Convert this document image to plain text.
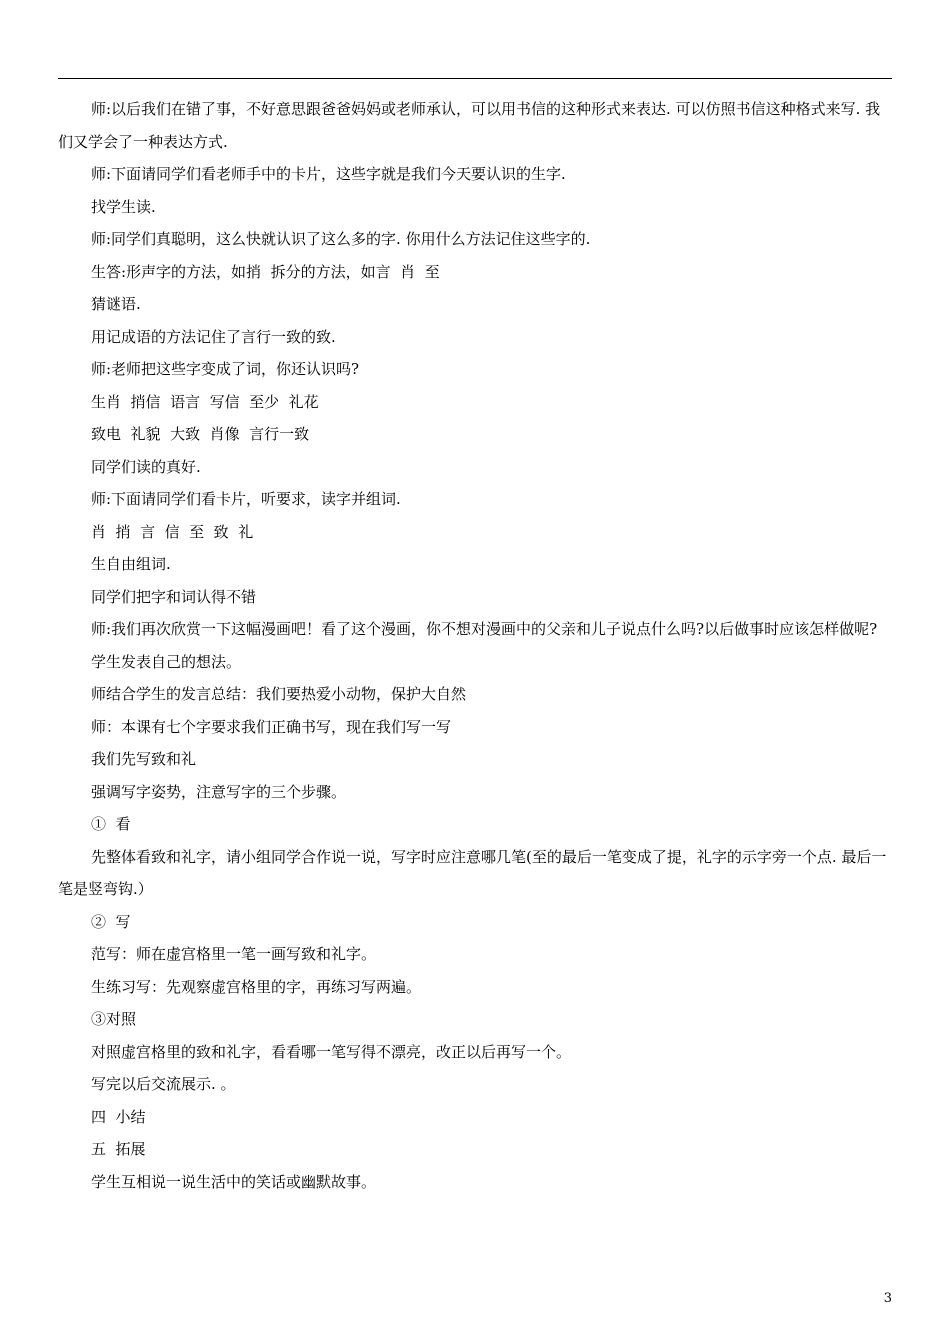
师:以后我们在错了事，不好意思跟爸爸妈妈或老师承认，可以用书信的这种形式来表达. 可以仿照书信这种格式来写. 我们又学会了一种表达方式.

师:下面请同学们看老师手中的卡片，这些字就是我们今天要认识的生字.

找学生读.

师:同学们真聪明，这么快就认识了这么多的字. 你用什么方法记住这些字的.

生答:形声字的方法，如捎  拆分的方法，如言  肖  至

猜谜语.

用记成语的方法记住了言行一致的致.

师:老师把这些字变成了词，你还认识吗?

生肖  捎信  语言  写信  至少  礼花

致电  礼貌  大致  肖像  言行一致

同学们读的真好.

师:下面请同学们看卡片，听要求，读字并组词.

肖  捎  言  信  至  致  礼

生自由组词.

同学们把字和词认得不错

师:我们再次欣赏一下这幅漫画吧！看了这个漫画，你不想对漫画中的父亲和儿子说点什么吗?以后做事时应该怎样做呢?

学生发表自己的想法。

师结合学生的发言总结：我们要热爱小动物，保护大自然

师：本课有七个字要求我们正确书写，现在我们写一写

我们先写致和礼

强调写字姿势，注意写字的三个步骤。

①  看

先整体看致和礼字，请小组同学合作说一说，写字时应注意哪几笔(至的最后一笔变成了提，礼字的示字旁一个点. 最后一笔是竖弯钩.）

②  写

范写：师在虚宫格里一笔一画写致和礼字。

生练习写：先观察虚宫格里的字，再练习写两遍。

③对照

对照虚宫格里的致和礼字，看看哪一笔写得不漂亮，改正以后再写一个。

写完以后交流展示. 。

四  小结

五  拓展

学生互相说一说生活中的笑话或幽默故事。

3
